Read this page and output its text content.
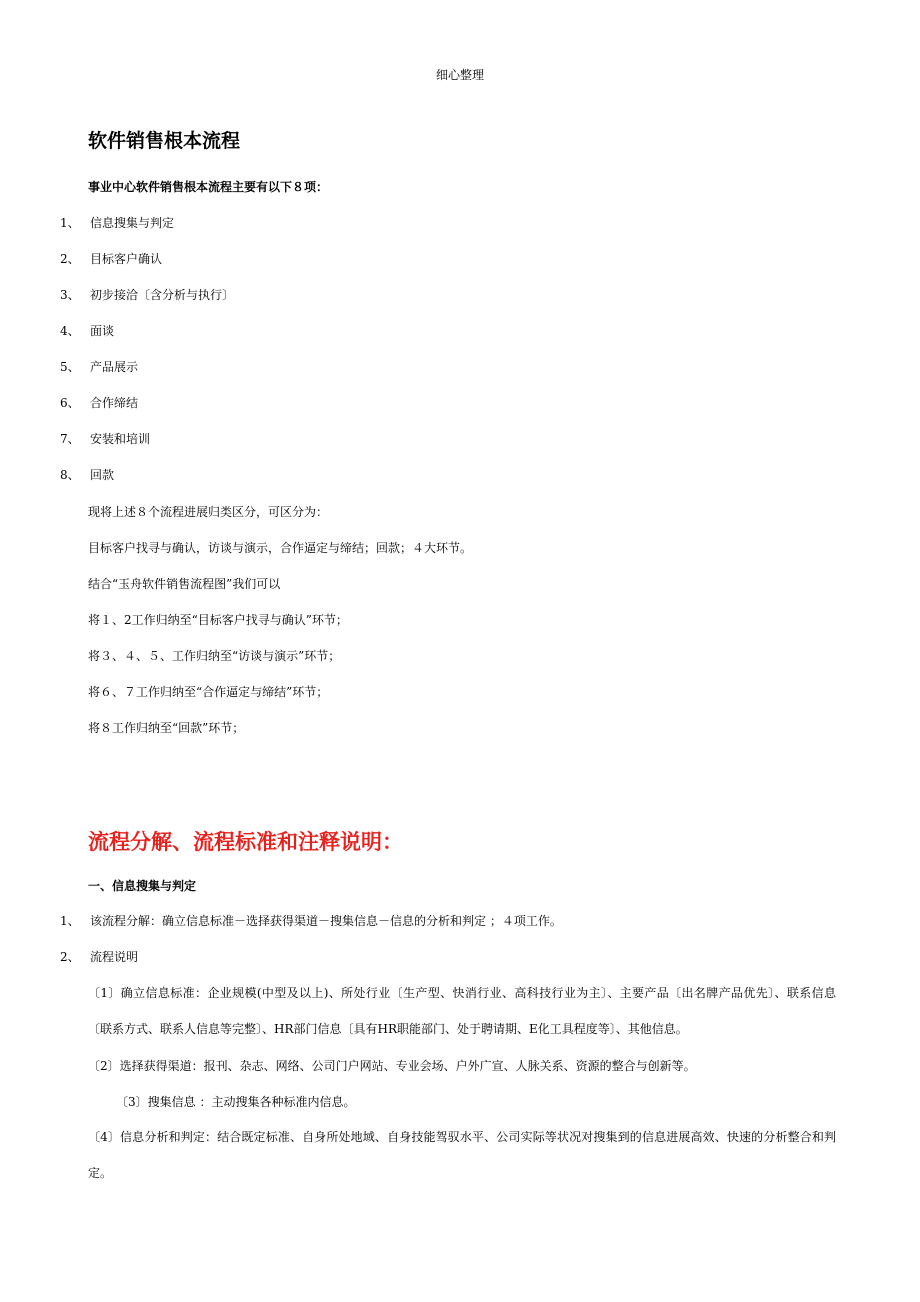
细心整理
软件销售根本流程
事业中心软件销售根本流程主要有以下８项：
1、 信息搜集与判定
2、 目标客户确认
3、 初步接洽〔含分析与执行〕
4、 面谈
5、 产品展示
6、 合作缔结
7、 安装和培训
8、 回款
现将上述８个流程进展归类区分，可区分为：
目标客户找寻与确认，访谈与演示，合作逼定与缔结；回款；４大环节。
结合“玉舟软件销售流程图”我们可以
将１、2工作归纳至“目标客户找寻与确认”环节；
将３、４、５、工作归纳至“访谈与演示”环节；
将６、７工作归纳至“合作逼定与缔结”环节；
将８工作归纳至“回款”环节；
流程分解、流程标准和注释说明：
一、信息搜集与判定
1、 该流程分解：确立信息标准－选择获得渠道－搜集信息－信息的分析和判定 ；４项工作。
2、 流程说明
〔1〕确立信息标准：企业规模(中型及以上)、所处行业〔生产型、快消行业、高科技行业为主〕、主要产品〔出名牌产品优先〕、联系信息〔联系方式、联系人信息等完整〕、HR部门信息〔具有HR职能部门、处于聘请期、E化工具程度等〕、其他信息。
〔2〕选择获得渠道：报刊、杂志、网络、公司门户网站、专业会场、户外广宣、人脉关系、资源的整合与创新等。
〔3〕搜集信息 ：主动搜集各种标准内信息。
〔4〕信息分析和判定：结合既定标准、自身所处地域、自身技能驾驭水平、公司实际等状况对搜集到的信息进展高效、快速的分析整合和判定。
